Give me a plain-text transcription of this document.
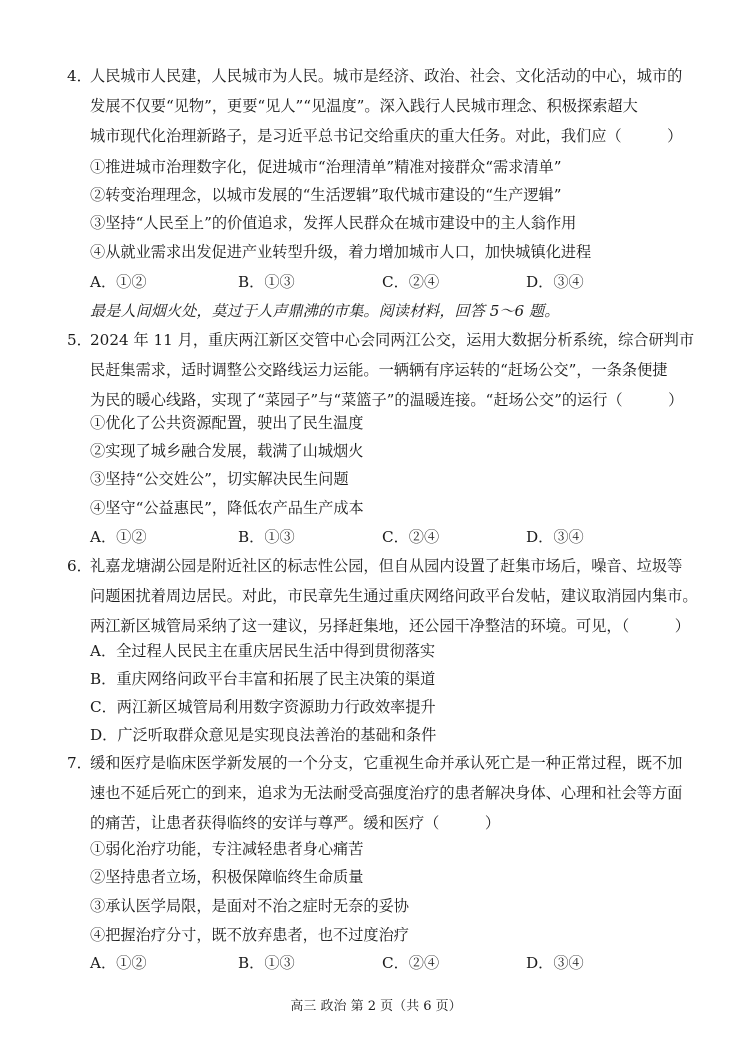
4．
人民城市人民建，人民城市为人民。城市是经济、政治、社会、文化活动的中心，城市的
发展不仅要“见物”，更要“见人”“见温度”。深入践行人民城市理念、积极探索超大
城市现代化治理新路子，是习近平总书记交给重庆的重大任务。对此，我们应（　　　）
①推进城市治理数字化，促进城市“治理清单”精准对接群众“需求清单”
②转变治理理念，以城市发展的“生活逻辑”取代城市建设的“生产逻辑”
③坚持“人民至上”的价值追求，发挥人民群众在城市建设中的主人翁作用
④从就业需求出发促进产业转型升级，着力增加城市人口，加快城镇化进程
A．①②	B．①③	C．②④	D．③④
最是人间烟火处，莫过于人声鼎沸的市集。阅读材料，回答 5～6 题。
5．
2024 年 11 月，重庆两江新区交管中心会同两江公交，运用大数据分析系统，综合研判市
民赶集需求，适时调整公交路线运力运能。一辆辆有序运转的“赶场公交”，一条条便捷
为民的暖心线路，实现了“菜园子”与“菜篮子”的温暖连接。“赶场公交”的运行（　　　）
①优化了公共资源配置，驶出了民生温度
②实现了城乡融合发展，载满了山城烟火
③坚持“公交姓公”，切实解决民生问题
④坚守“公益惠民”，降低农产品生产成本
A．①②	B．①③	C．②④	D．③④
6．
礼嘉龙塘湖公园是附近社区的标志性公园，但自从园内设置了赶集市场后，噪音、垃圾等
问题困扰着周边居民。对此，市民章先生通过重庆网络问政平台发帖，建议取消园内集市。
两江新区城管局采纳了这一建议，另择赶集地，还公园干净整洁的环境。可见，（　　　）
A．全过程人民民主在重庆居民生活中得到贯彻落实
B．重庆网络问政平台丰富和拓展了民主决策的渠道
C．两江新区城管局利用数字资源助力行政效率提升
D．广泛听取群众意见是实现良法善治的基础和条件
7．
缓和医疗是临床医学新发展的一个分支，它重视生命并承认死亡是一种正常过程，既不加
速也不延后死亡的到来，追求为无法耐受高强度治疗的患者解决身体、心理和社会等方面
的痛苦，让患者获得临终的安详与尊严。缓和医疗（　　　）
①弱化治疗功能，专注减轻患者身心痛苦
②坚持患者立场，积极保障临终生命质量
③承认医学局限，是面对不治之症时无奈的妥协
④把握治疗分寸，既不放弃患者，也不过度治疗
A．①②	B．①③	C．②④	D．③④
高三 政治 第 2 页（共 6 页）
